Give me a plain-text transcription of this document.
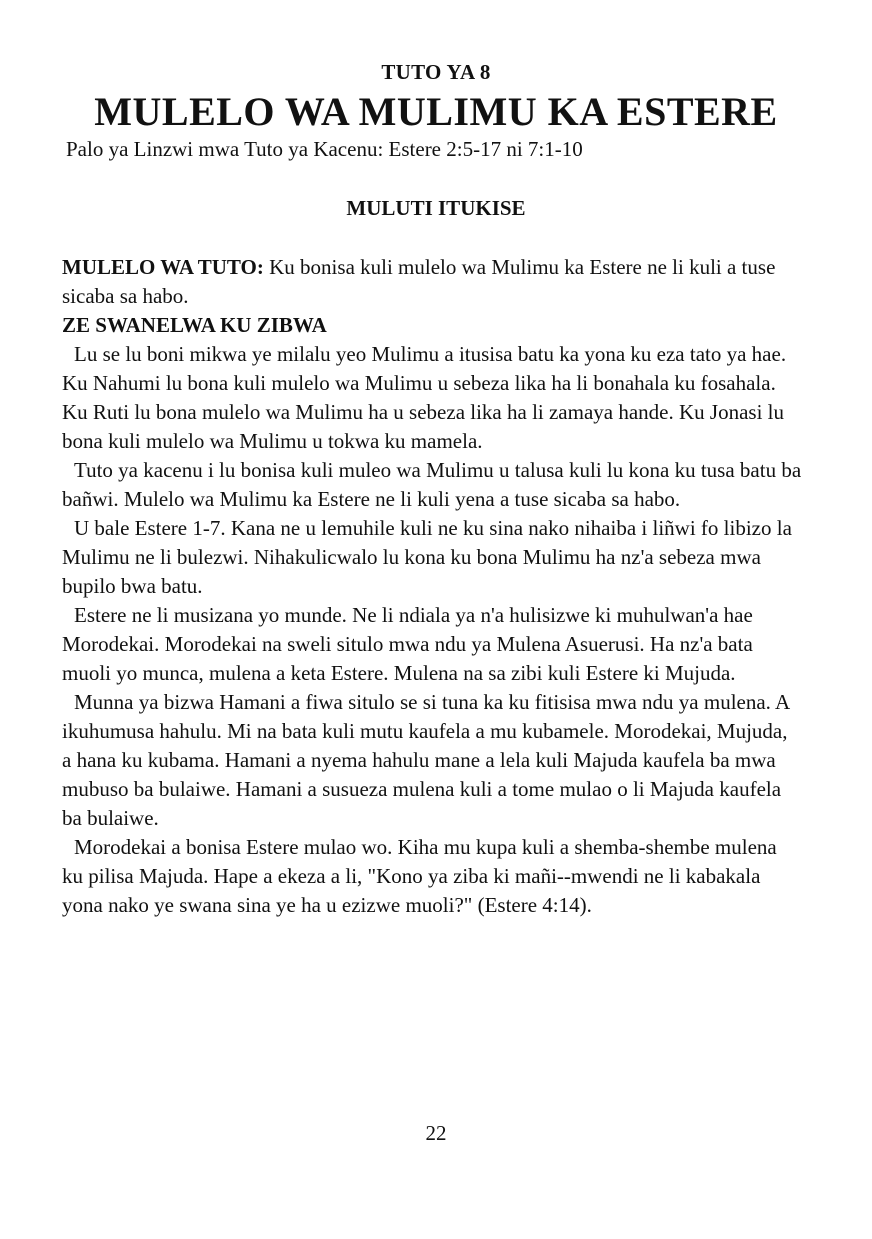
TUTO YA 8
MULELO WA MULIMU KA ESTERE
Palo ya Linzwi mwa Tuto ya Kacenu: Estere 2:5-17 ni 7:1-10
MULUTI ITUKISE

MULELO WA TUTO: Ku bonisa kuli mulelo wa Mulimu ka Estere ne li kuli a tuse sicaba sa habo.

ZE SWANELWA KU ZIBWA

Lu se lu boni mikwa ye milalu yeo Mulimu a itusisa batu ka yona ku eza tato ya hae. Ku Nahumi lu bona kuli mulelo wa Mulimu u sebeza lika ha li bonahala ku fosahala. Ku Ruti lu bona mulelo wa Mulimu ha u sebeza lika ha li zamaya hande. Ku Jonasi lu bona kuli mulelo wa Mulimu u tokwa ku mamela.

Tuto ya kacenu i lu bonisa kuli muleo wa Mulimu u talusa kuli lu kona ku tusa batu ba bañwi. Mulelo wa Mulimu ka Estere ne li kuli yena a tuse sicaba sa habo.

U bale Estere 1-7. Kana ne u lemuhile kuli ne ku sina nako nihaiba i liñwi fo libizo la Mulimu ne li bulezwi. Nihakulicwalo lu kona ku bona Mulimu ha nz'a sebeza mwa bupilo bwa batu.

Estere ne li musizana yo munde. Ne li ndiala ya n'a hulisizwe ki muhulwan'a hae Morodekai. Morodekai na sweli situlo mwa ndu ya Mulena Asuerusi. Ha nz'a bata muoli yo munca, mulena a keta Estere. Mulena na sa zibi kuli Estere ki Mujuda.

Munna ya bizwa Hamani a fiwa situlo se si tuna ka ku fitisisa mwa ndu ya mulena. A ikuhumusa hahulu. Mi na bata kuli mutu kaufela a mu kubamele. Morodekai, Mujuda, a hana ku kubama. Hamani a nyema hahulu mane a lela kuli Majuda kaufela ba mwa mubuso ba bulaiwe. Hamani a susueza mulena kuli a tome mulao o li Majuda kaufela ba bulaiwe.

Morodekai a bonisa Estere mulao wo. Kiha mu kupa kuli a shemba-shembe mulena ku pilisa Majuda. Hape a ekeza a li, "Kono ya ziba ki mañi--mwendi ne li kabakala yona nako ye swana sina ye ha u ezizwe muoli?" (Estere 4:14).

22
